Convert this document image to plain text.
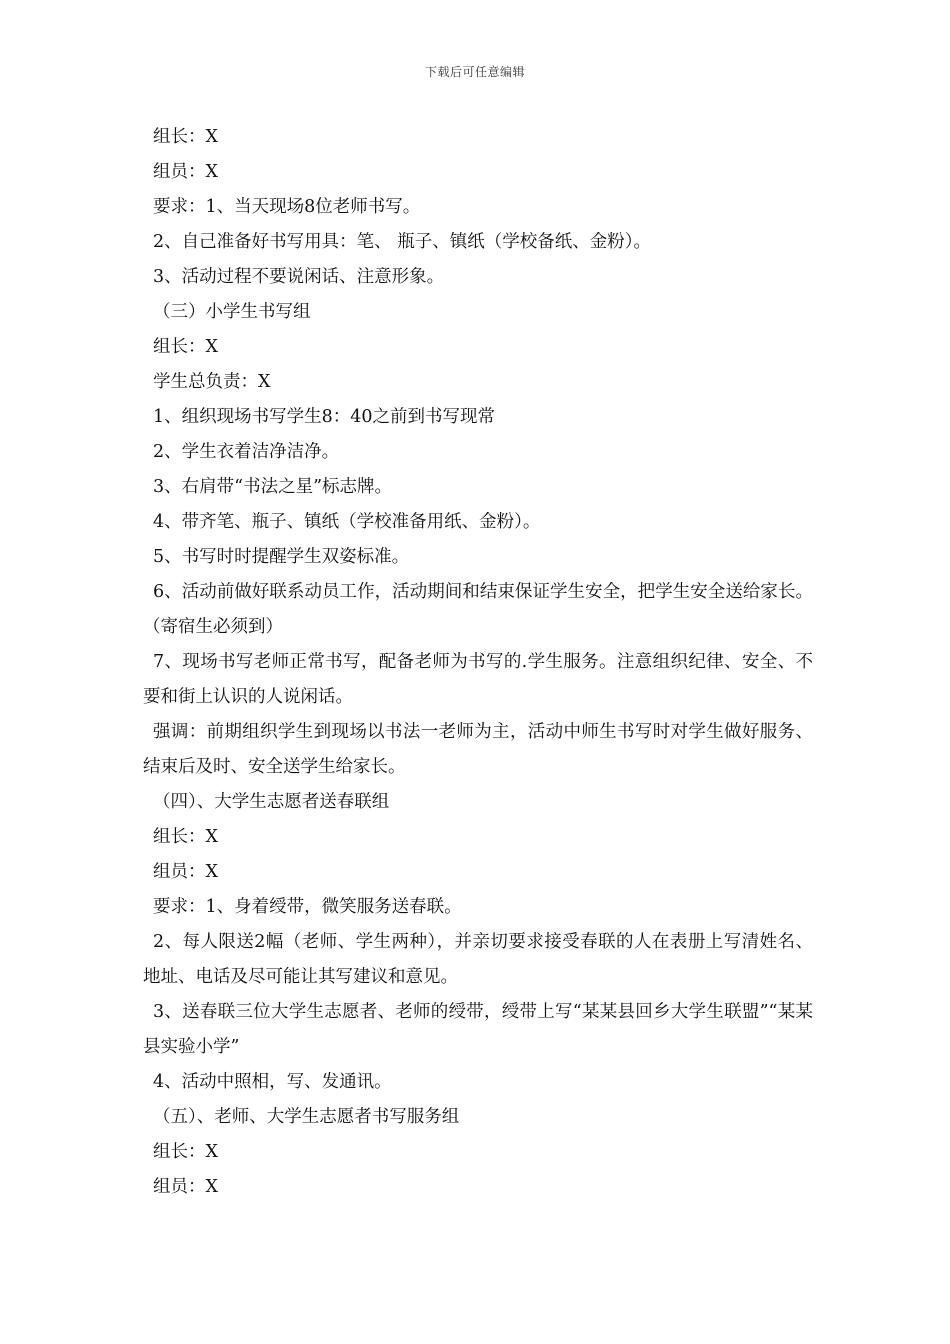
下载后可任意编辑

组长：X

组员：X

要求：1、当天现场8位老师书写。

2、自己准备好书写用具：笔、 瓶子、镇纸（学校备纸、金粉）。

3、活动过程不要说闲话、注意形象。

（三）小学生书写组

组长：X

学生总负责：X

1、组织现场书写学生8：40之前到书写现常

2、学生衣着洁净洁净。

3、右肩带“书法之星”标志牌。

4、带齐笔、瓶子、镇纸（学校准备用纸、金粉）。

5、书写时时提醒学生双姿标准。

6、活动前做好联系动员工作，活动期间和结束保证学生安全，把学生安全送给家长。（寄宿生必须到）

7、现场书写老师正常书写，配备老师为书写的.学生服务。注意组织纪律、安全、不要和街上认识的人说闲话。

强调：前期组织学生到现场以书法一老师为主，活动中师生书写时对学生做好服务、结束后及时、安全送学生给家长。

（四）、大学生志愿者送春联组

组长：X

组员：X

要求：1、身着绶带，微笑服务送春联。

2、每人限送2幅（老师、学生两种），并亲切要求接受春联的人在表册上写清姓名、地址、电话及尽可能让其写建议和意见。

3、送春联三位大学生志愿者、老师的绶带，绶带上写“某某县回乡大学生联盟”“某某县实验小学”

4、活动中照相，写、发通讯。

（五）、老师、大学生志愿者书写服务组

组长：X

组员：X
